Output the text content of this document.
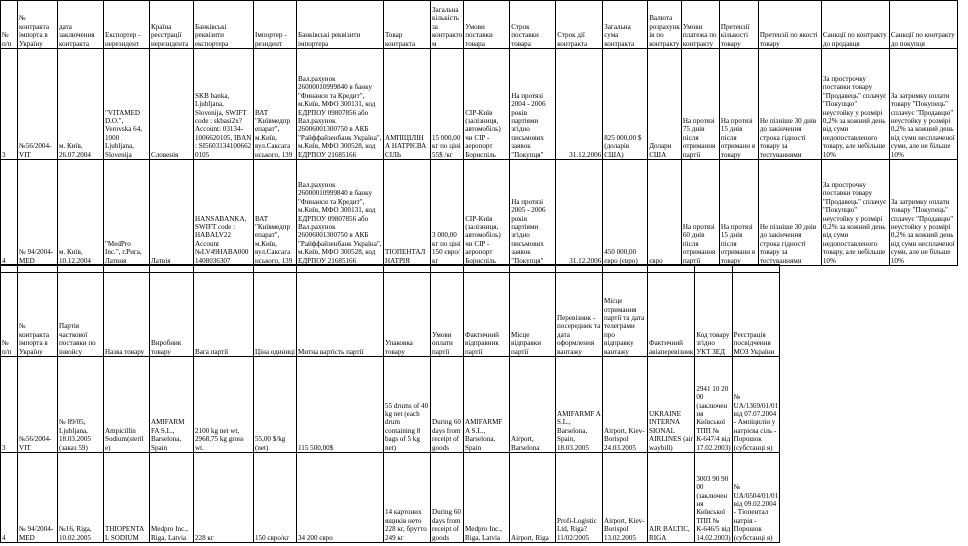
№ п/п	№ контракта імпорта в Україну	дата заключения контракта	Експортер - нерезидент	Країна реєстрації нерезидента	Банківські реквізити експортера	Імпортер - резидент	Банківські реквізити імпортера	Товар контракта	Загальна кількість за контракто м	Умови поставки товара	Строк поставки товара	Строк дії контракта	Загальна сума контракта	Валюта розрахунк ів по контракту	Умови платежа по контракту	Претензії кількості товару	Претензії по якості товару	Санкції по контракту до продавця	Санкції по контракту до покупця
3	№56/2004-VIT	м. Київ, 26.07.2004	"VITAMED D.O.", Verovska 64, 1000 Ljubljana, Slovenija	Словенія	SKB banka, Ljubljana, Slovenija, SWIFT code : skbasi2x? Account: 03134-1006620105, IBAN : SI5603134100662 0105	ВАТ "Київмедпр епарат", м.Київ, вул.Саксага нського, 139	Вал.рахунок 26000010999840 в банку "Финанси та Кредит", м.Київ, МФО 300131, код ЕДРПОУ 09807856 або Вал.рахунок 26006001300750 в АКБ "Райффайзенбанк Україна", м.Київ, МФО 300528, код ЕДРПОУ 21685166	АМПІЦІЛІН А НАТРІЄВА СІЛЬ	15 000,00 кг по ціні 55$ /кг	CIP-Київ (залізниця, автомобіль) чи CIP - аеропорт Бориспіль	На протязі 2004 - 2006 років партіями згідно письмових заявок "Покупця"	31.12.2006	825 000,00 $ (доларів США)	Долари США	На протязі 75 днів після отримання партії	На протязі 15 днів після отриманн я товару	Не пізніше 30 днів до закінчення строка гідності товару за тестуваннями	За прострочку поставки товару "Продавець" сплачує "Покупцю" неустойку у розмірі 0,2% за кожний день від суми недопоставленого товару, але небільше 10%	За затримку оплати товару "Покупець" сплачує "Продавцю" неустойку у розмірі 0,2% за кожний день від суми несплаченої суми, але не більше 10%
4	№ 94/2004-MED	м. Київ, 10.12.2004	"MedPro Inc.", г.Рига, Латвия	Латвія	HANSABANKA, SWIFT code : HABALV22 Account №LV49HABA000 1408036307	ВАТ "Київмедпр епарат", м.Київ, вул.Саксага нського, 139	Вал.рахунок 26000010999840 в банку "Финанси та Кредит", м.Київ, МФО 300131, код ЕДРПОУ 09807856 або Вал.рахунок 26006001300750 в АКБ "Райффайзенбанк Україна", м.Київ, МФО 300528, код ЕДРПОУ 21685166	ТІОПЕНТАЛ НАТРІЯ	3 000,00 кг по ціні 150 євро/кг	CIP-Київ (залізниця, автомобіль) чи CIP - аеропорт Бориспіль	На протязі 2005 - 2006 років партіями згідно письмових заявок "Покупця"	31.12.2006	450 000,00 євро (євро)	євро	На протязі 60 днів після отримання партії	На протязі 15 днів після отриманн я товару	Не пізніше 30 днів до закінчення строка гідності товару за тестуваннями	За прострочку поставки товару "Продавець" сплачує "Покупцю" неустойку у розмірі 0,2% за кожний день від суми недопоставленого товару, але небільше 10%	За затримку оплати товару "Покупець" сплачує "Продавцю" неустойку у розмірі 0,2% за кожний день від суми несплаченої суми, але не більше 10%

№ п/п	№ контракта імпорта в Україну	Партія часткової поставки по інвойсу	Назва товару	Виробник товару	Вага партії	Ціна одиниці	Митна вартість партії	Упаковка товару	Умови оплати партії	Фактичний відправник партії	Місце відправки партії	Перевізник - посередник та дата оформлення вантажу	Місце отримання партії та дата телеграми про відправку вантажу	Фактичний авіаперевізник	Код товару згідно УКТ ЗЕД	Реєстрація посвідчення МОЗ України
3	№56/2004-VIT	№ 89/05, Ljubljana, 18.03.2005 (заказ 59)	Ampicillin Sodium(steril e)	AMIFARM FA S.L., Barselona, Spain	2100 kg net wt, 2968,75 kg gross wt.	55,00 $/kg (net)	115 500,00$	55 drums of 40 kg net (each drum containing 8 bags of 5 kg net)	During 60 days from receipt of goods	AMIFARMF A S.L., Barselona, Spain	Airport, Barselona	AMIFARMF A S.L., Barselona, Spain, 18.03.2005	Airport, Kiev-Borispol 24.03.2005	UKRAINE INTERNA SIONAL AIRLINES (air waybill)	2941 10 20 00 (заключен ня Київської ТПП № К-647/4 від 17.02.2003)	№ UA/1369/01/01 від 07.07.2004 - Ампіцилін у натрієва сіль - Порошок (субстанці я)
4	№ 94/2004-MED	№16, Riga, 10.02.2005	THIOPENTA L SODIUM	Medpro Inc., Riga, Latvia	228 кг	150 євро/кг	34 200 євро	14 картоних ящиків нето 228 кг, брутто 249 кг	During 60 days from receipt of goods	Medpro Inc., Riga, Latvia	Airport, Riga	Profi-Logistic Ltd, Riga? 11/02/2005	Airport, Kiev-Borispol 13.02.2005	AIR BALTIC, RIGA	3003 90 90 00 (заключен ня Київської ТПП № К-646/5 від 14.02.2003)	№ UA/0504/01/01 від 09.02.2004 - Тіопентал натрія - Порошок (субстанці я)
